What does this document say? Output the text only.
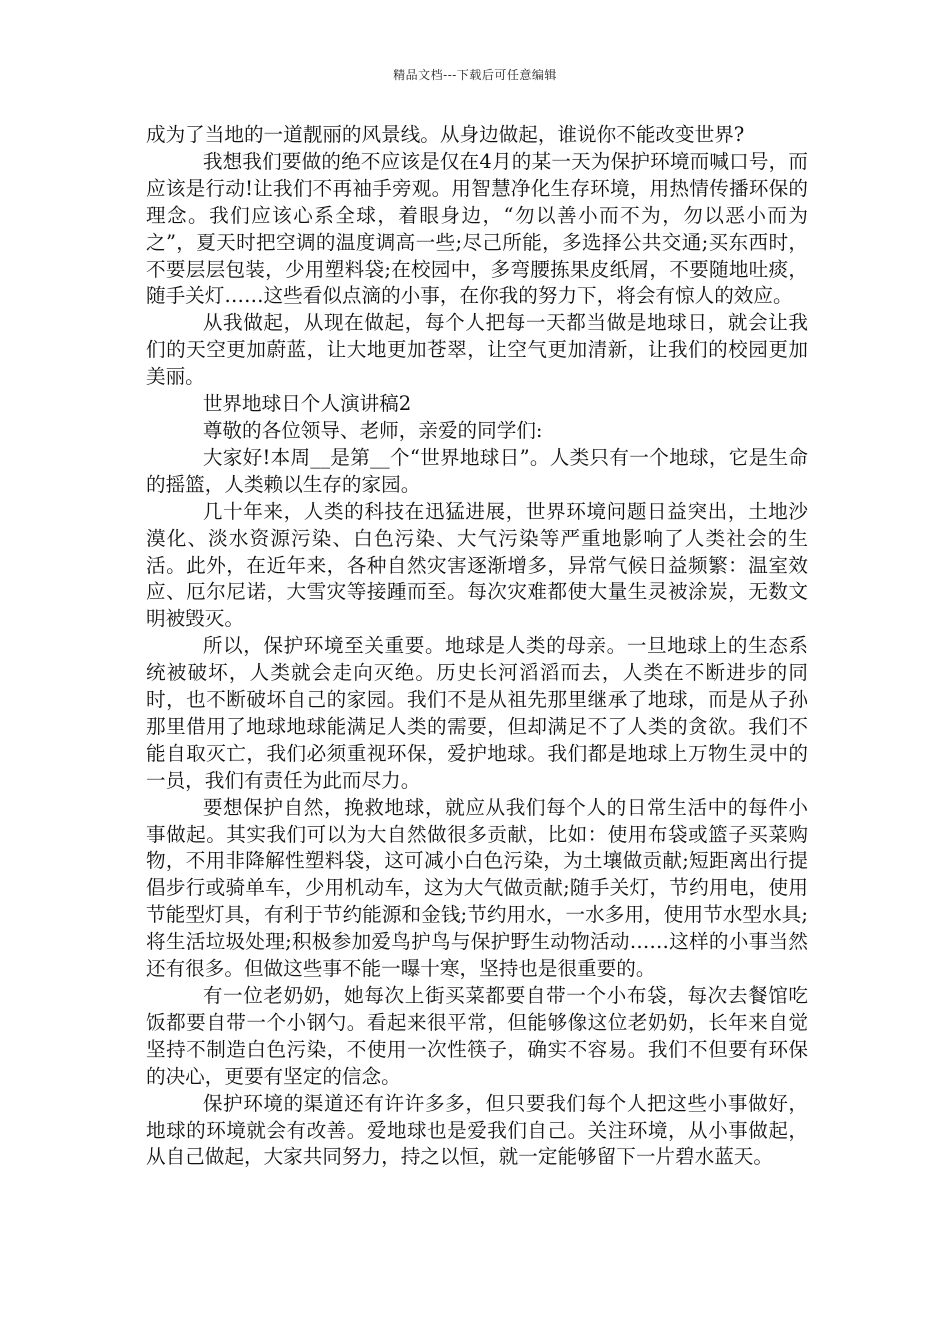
精品文档---下载后可任意编辑

成为了当地的一道靓丽的风景线。从身边做起，谁说你不能改变世界?

我想我们要做的绝不应该是仅在4月的某一天为保护环境而喊口号，而应该是行动!让我们不再袖手旁观。用智慧净化生存环境，用热情传播环保的理念。我们应该心系全球，着眼身边，“勿以善小而不为，勿以恶小而为之”，夏天时把空调的温度调高一些;尽己所能，多选择公共交通;买东西时，不要层层包装，少用塑料袋;在校园中，多弯腰拣果皮纸屑，不要随地吐痰，随手关灯……这些看似点滴的小事，在你我的努力下，将会有惊人的效应。

从我做起，从现在做起，每个人把每一天都当做是地球日，就会让我们的天空更加蔚蓝，让大地更加苍翠，让空气更加清新，让我们的校园更加美丽。

世界地球日个人演讲稿2

尊敬的各位领导、老师，亲爱的同学们:

大家好!本周__是第__个“世界地球日”。人类只有一个地球，它是生命的摇篮，人类赖以生存的家园。

几十年来，人类的科技在迅猛进展，世界环境问题日益突出，土地沙漠化、淡水资源污染、白色污染、大气污染等严重地影响了人类社会的生活。此外，在近年来，各种自然灾害逐渐增多，异常气候日益频繁：温室效应、厄尔尼诺，大雪灾等接踵而至。每次灾难都使大量生灵被涂炭，无数文明被毁灭。

所以，保护环境至关重要。地球是人类的母亲。一旦地球上的生态系统被破坏，人类就会走向灭绝。历史长河滔滔而去，人类在不断进步的同时，也不断破坏自己的家园。我们不是从祖先那里继承了地球，而是从子孙那里借用了地球地球能满足人类的需要，但却满足不了人类的贪欲。我们不能自取灭亡，我们必须重视环保，爱护地球。我们都是地球上万物生灵中的一员，我们有责任为此而尽力。

要想保护自然，挽救地球，就应从我们每个人的日常生活中的每件小事做起。其实我们可以为大自然做很多贡献，比如：使用布袋或篮子买菜购物，不用非降解性塑料袋，这可减小白色污染，为土壤做贡献;短距离出行提倡步行或骑单车，少用机动车，这为大气做贡献;随手关灯，节约用电，使用节能型灯具，有利于节约能源和金钱;节约用水，一水多用，使用节水型水具;将生活垃圾处理;积极参加爱鸟护鸟与保护野生动物活动……这样的小事当然还有很多。但做这些事不能一曝十寒，坚持也是很重要的。

有一位老奶奶，她每次上街买菜都要自带一个小布袋，每次去餐馆吃饭都要自带一个小钢勺。看起来很平常，但能够像这位老奶奶，长年来自觉坚持不制造白色污染，不使用一次性筷子，确实不容易。我们不但要有环保的决心，更要有坚定的信念。

保护环境的渠道还有许许多多，但只要我们每个人把这些小事做好，地球的环境就会有改善。爱地球也是爱我们自己。关注环境，从小事做起，从自己做起，大家共同努力，持之以恒，就一定能够留下一片碧水蓝天。
